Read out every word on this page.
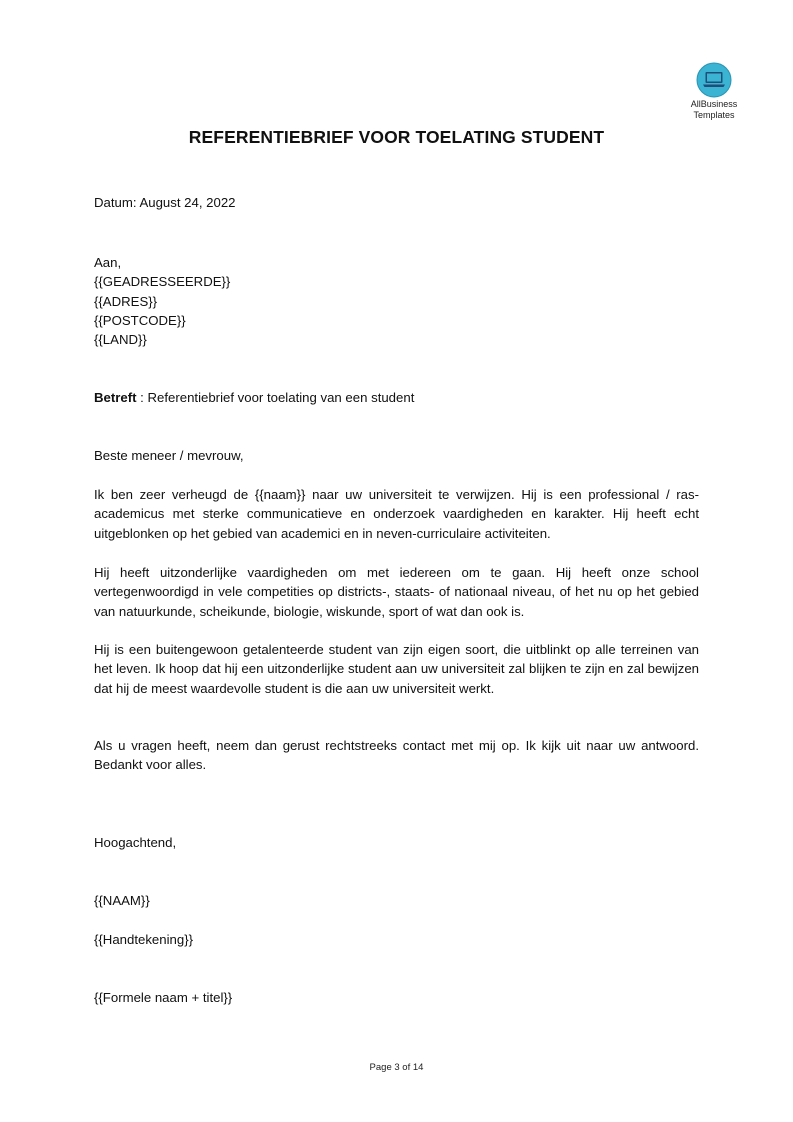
AllBusiness
Templates
REFERENTIEBRIEF VOOR TOELATING STUDENT

Datum: August 24, 2022

Aan,
{{GEADRESSEERDE}}
{{ADRES}}
{{POSTCODE}}
{{LAND}}

Betreft : Referentiebrief voor toelating van een student

Beste meneer / mevrouw,

Ik ben zeer verheugd de {{naam}} naar uw universiteit te verwijzen. Hij is een professional / ras-academicus met sterke communicatieve en onderzoek vaardigheden en karakter. Hij heeft echt uitgeblonken op het gebied van academici en in neven-curriculaire activiteiten.

Hij heeft uitzonderlijke vaardigheden om met iedereen om te gaan. Hij heeft onze school vertegenwoordigd in vele competities op districts-, staats- of nationaal niveau, of het nu op het gebied van natuurkunde, scheikunde, biologie, wiskunde, sport of wat dan ook is.

Hij is een buitengewoon getalenteerde student van zijn eigen soort, die uitblinkt op alle terreinen van het leven. Ik hoop dat hij een uitzonderlijke student aan uw universiteit zal blijken te zijn en zal bewijzen dat hij de meest waardevolle student is die aan uw universiteit werkt.

Als u vragen heeft, neem dan gerust rechtstreeks contact met mij op. Ik kijk uit naar uw antwoord. Bedankt voor alles.

Hoogachtend,

{{NAAM}}

{{Handtekening}}

{{Formele naam + titel}}

Page 3 of 14
